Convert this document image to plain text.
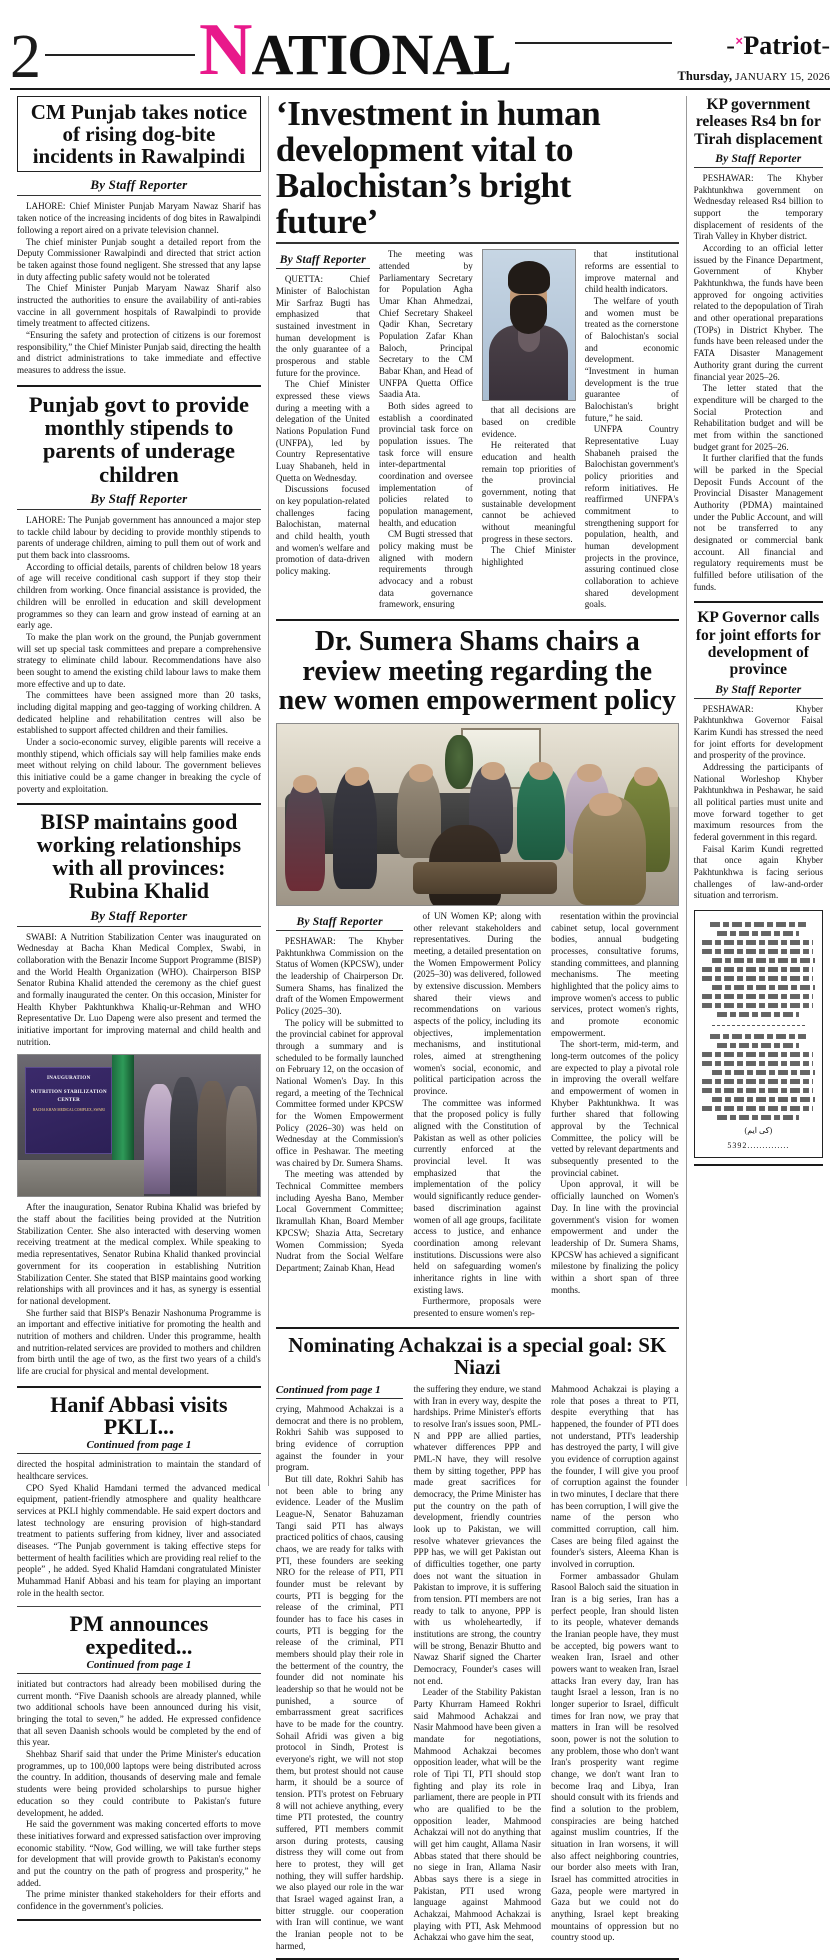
2 NATIONAL	-✕Patriot-
Thursday, JANUARY 15, 2026
CM Punjab takes notice of rising dog-bite incidents in Rawalpindi
By Staff Reporter

LAHORE: Chief Minister Punjab Maryam Nawaz Sharif has taken notice of the increasing incidents of dog bites in Rawalpindi following a report aired on a private television channel.

The chief minister Punjab sought a detailed report from the Deputy Commissioner Rawalpindi and directed that strict action be taken against those found negligent. She stressed that any lapse in duty affecting public safety would not be tolerated

The Chief Minister Punjab Maryam Nawaz Sharif also instructed the authorities to ensure the availability of anti-rabies vaccine in all government hospitals of Rawalpindi to provide timely treatment to affected citizens.

“Ensuring the safety and protection of citizens is our foremost responsibility,” the Chief Minister Punjab said, directing the health and district administrations to take immediate and effective measures to address the issue.

Punjab govt to provide monthly stipends to parents of underage children
By Staff Reporter

LAHORE: The Punjab government has announced a major step to tackle child labour by deciding to provide monthly stipends to parents of underage children, aiming to pull them out of work and put them back into classrooms.

According to official details, parents of children below 18 years of age will receive conditional cash support if they stop their children from working. Once financial assistance is provided, the children will be enrolled in education and skill development programmes so they can learn and grow instead of earning at an early age.

To make the plan work on the ground, the Punjab government will set up special task committees and prepare a comprehensive strategy to eliminate child labour. Recommendations have also been sought to amend the existing child labour laws to make them more effective and up to date.

The committees have been assigned more than 20 tasks, including digital mapping and geo-tagging of working children. A dedicated helpline and rehabilitation centres will also be established to support affected children and their families.

Under a socio-economic survey, eligible parents will receive a monthly stipend, which officials say will help families make ends meet without relying on child labour. The government believes this initiative could be a game changer in breaking the cycle of poverty and exploitation.

BISP maintains good working relationships with all provinces: Rubina Khalid
By Staff Reporter

SWABI: A Nutrition Stabilization Center was inaugurated on Wednesday at Bacha Khan Medical Complex, Swabi, in collaboration with the Benazir Income Support Programme (BISP) and the World Health Organization (WHO). Chairperson BISP Senator Rubina Khalid attended the ceremony as the chief guest and formally inaugurated the center. On this occasion, Minister for Health Khyber Pakhtunkhwa Khaliq-ur-Rehman and WHO Representative Dr. Luo Dapeng were also present and termed the initiative important for improving maternal and child health and nutrition.

INAUGURATION
NUTRITION STABILIZATION CENTER
BACHA KHAN MEDICAL COMPLEX, SWABI

After the inauguration, Senator Rubina Khalid was briefed by the staff about the facilities being provided at the Nutrition Stabilization Center. She also interacted with deserving women receiving treatment at the medical complex. While speaking to media representatives, Senator Rubina Khalid thanked provincial government for its cooperation in establishing Nutrition Stabilization Center. She stated that BISP maintains good working relationships with all provinces and it has, as synergy is essential for national development.

She further said that BISP's Benazir Nashonuma Programme is an important and effective initiative for promoting the health and nutrition of mothers and children. Under this programme, health and nutrition-related services are provided to mothers and children from birth until the age of two, as the first two years of a child's life are crucial for physical and mental development.

Hanif Abbasi visits PKLI...
Continued from page 1

directed the hospital administration to maintain the standard of healthcare services.

CPO Syed Khalid Hamdani termed the advanced medical equipment, patient-friendly atmosphere and quality healthcare services at PKLI highly commendable. He said expert doctors and latest technology are ensuring provision of high-standard treatment to patients suffering from kidney, liver and associated diseases. “The Punjab government is taking effective steps for betterment of health facilities which are providing real relief to the people” , he added. Syed Khalid Hamdani congratulated Minister Muhammad Hanif Abbasi and his team for playing an important role in the health sector.

PM announces expedited...
Continued from page 1

initiated but contractors had already been mobilised during the current month. “Five Daanish schools are already planned, while two additional schools have been announced during his visit, bringing the total to seven,” he added. He expressed confidence that all seven Daanish schools would be completed by the end of this year.

Shehbaz Sharif said that under the Prime Minister's education programmes, up to 100,000 laptops were being distributed across the country. In addition, thousands of deserving male and female students were being provided scholarships to pursue higher education so they could contribute to Pakistan's future development, he added.

He said the government was making concerted efforts to move these initiatives forward and expressed satisfaction over improving economic stability. “Now, God willing, we will take further steps for development that will provide growth to Pakistan's economy and put the country on the path of progress and prosperity,” he added.

The prime minister thanked stakeholders for their efforts and confidence in the government's policies.

‘Investment in human development vital to Balochistan’s bright future’
By Staff Reporter

QUETTA: Chief Minister of Balochistan Mir Sarfraz Bugti has emphasized that sustained investment in human development is the only guarantee of a prosperous and stable future for the province.

The Chief Minister expressed these views during a meeting with a delegation of the United Nations Population Fund (UNFPA), led by Country Representative Luay Shabaneh, held in Quetta on Wednesday.

Discussions focused on key population-related challenges facing Balochistan, maternal and child health, youth and women's welfare and promotion of data-driven policy making.

The meeting was attended by Parliamentary Secretary for Population Agha Umar Khan Ahmedzai, Chief Secretary Shakeel Qadir Khan, Secretary Population Zafar Khan Baloch, Principal Secretary to the CM Babar Khan, and Head of UNFPA Quetta Office Saadia Ata.

Both sides agreed to establish a coordinated provincial task force on population issues. The task force will ensure inter-departmental coordination and oversee implementation of policies related to population management, health, and education

CM Bugti stressed that policy making must be aligned with modern requirements through advocacy and a robust data governance framework, ensuring

that all decisions are based on credible evidence.

He reiterated that education and health remain top priorities of the provincial government, noting that sustainable development cannot be achieved without meaningful progress in these sectors.

The Chief Minister highlighted

that institutional reforms are essential to improve maternal and child health indicators.

The welfare of youth and women must be treated as the cornerstone of Balochistan's social and economic development. “Investment in human development is the true guarantee of Balochistan's bright future,” he said.

UNFPA Country Representative Luay Shabaneh praised the Balochistan government's policy priorities and reform initiatives. He reaffirmed UNFPA's commitment to strengthening support for population, health, and human development projects in the province, assuring continued close collaboration to achieve shared development goals.

Dr. Sumera Shams chairs a review meeting regarding the new women empowerment policy
By Staff Reporter

PESHAWAR: The Khyber Pakhtunkhwa Commission on the Status of Women (KPCSW), under the leadership of Chairperson Dr. Sumera Shams, has finalized the draft of the Women Empowerment Policy (2025–30).

The policy will be submitted to the provincial cabinet for approval through a summary and is scheduled to be formally launched on February 12, on the occasion of National Women's Day. In this regard, a meeting of the Technical Committee formed under KPCSW for the Women Empowerment Policy (2026–30) was held on Wednesday at the Commission's office in Peshawar. The meeting was chaired by Dr. Sumera Shams.

The meeting was attended by Technical Committee members including Ayesha Bano, Member Local Government Committee; Ikramullah Khan, Board Member KPCSW; Shazia Atta, Secretary Women Commission; Syeda Nudrat from the Social Welfare Department; Zainab Khan, Head

of UN Women KP; along with other relevant stakeholders and representatives. During the meeting, a detailed presentation on the Women Empowerment Policy (2025–30) was delivered, followed by extensive discussion. Members shared their views and recommendations on various aspects of the policy, including its objectives, implementation mechanisms, and institutional roles, aimed at strengthening women's social, economic, and political participation across the province.

The committee was informed that the proposed policy is fully aligned with the Constitution of Pakistan as well as other policies currently enforced at the provincial level. It was emphasized that the implementation of the policy would significantly reduce gender-based discrimination against women of all age groups, facilitate access to justice, and enhance coordination among relevant institutions. Discussions were also held on safeguarding women's inheritance rights in line with existing laws.

Furthermore, proposals were presented to ensure women's rep-

resentation within the provincial cabinet setup, local government bodies, annual budgeting processes, consultative forums, standing committees, and planning mechanisms. The meeting highlighted that the policy aims to improve women's access to public services, protect women's rights, and promote economic empowerment.

The short-term, mid-term, and long-term outcomes of the policy are expected to play a pivotal role in improving the overall welfare and empowerment of women in Khyber Pakhtunkhwa. It was further shared that following approval by the Technical Committee, the policy will be vetted by relevant departments and subsequently presented to the provincial cabinet.

Upon approval, it will be officially launched on Women's Day. In line with the provincial government's vision for women empowerment and under the leadership of Dr. Sumera Shams, KPCSW has achieved a significant milestone by finalizing the policy within a short span of three months.

Nominating Achakzai is a special goal: SK Niazi
Continued from page 1

crying, Mahmood Achakzai is a democrat and there is no problem, Rokhri Sahib was supposed to bring evidence of corruption against the founder in your program.

But till date, Rokhri Sahib has not been able to bring any evidence. Leader of the Muslim League-N, Senator Bahuzaman Tangi said PTI has always practiced politics of chaos, causing chaos, we are ready for talks with PTI, these founders are seeking NRO for the release of PTI, PTI founder must be relevant by courts, PTI is begging for the release of the criminal, PTI founder has to face his cases in courts, PTI is begging for the release of the criminal, PTI members should play their role in the betterment of the country, the founder did not nominate his leadership so that he would not be punished, a source of embarrassment great sacrifices have to be made for the country. Sohail Afridi was given a big protocol in Sindh, Protest is everyone's right, we will not stop them, but protest should not cause harm, it should be a source of tension. PTI's protest on February 8 will not achieve anything, every time PTI protested, the country suffered, PTI members commit arson during protests, causing distress they will come out from here to protest, they will get nothing, they will suffer hardship. we also played our role in the war that Israel waged against Iran, a bitter struggle. our cooperation with Iran will continue, we want the Iranian people not to be harmed,

the suffering they endure, we stand with Iran in every way, despite the hardships. Prime Minister's efforts to resolve Iran's issues soon, PML-N and PPP are allied parties, whatever differences PPP and PML-N have, they will resolve them by sitting together, PPP has made great sacrifices for democracy, the Prime Minister has put the country on the path of development, friendly countries look up to Pakistan, we will resolve whatever grievances the PPP has, we will get Pakistan out of difficulties together, one party does not want the situation in Pakistan to improve, it is suffering from tension. PTI members are not ready to talk to anyone, PPP is with us wholeheartedly, if institutions are strong, the country will be strong, Benazir Bhutto and Nawaz Sharif signed the Charter Democracy, Founder's cases will not end.

Leader of the Stability Pakistan Party Khurram Hameed Rokhri said Mahmood Achakzai and Nasir Mahmood have been given a mandate for negotiations, Mahmood Achakzai becomes opposition leader, what will be the role of Tipi TI, PTI should stop fighting and play its role in parliament, there are people in PTI who are qualified to be the opposition leader, Mahmood Achakzai will not do anything that will get him caught, Allama Nasir Abbas stated that there should be no siege in Iran, Allama Nasir Abbas says there is a siege in Pakistan, PTI used wrong language against Mahmood Achakzai, Mahmood Achakzai is playing with PTI, Ask Mehmood Achakzai who gave him the seat,

Mahmood Achakzai is playing a role that poses a threat to PTI, despite everything that has happened, the founder of PTI does not understand, PTI's leadership has destroyed the party, I will give you evidence of corruption against the founder, I will give you proof of corruption against the founder in two minutes, I declare that there has been corruption, I will give the name of the person who committed corruption, call him. Cases are being filed against the founder's sisters, Aleema Khan is involved in corruption.

Former ambassador Ghulam Rasool Baloch said the situation in Iran is a big series, Iran has a perfect people, Iran should listen to its people, whatever demands the Iranian people have, they must be accepted, big powers want to weaken Iran, Israel and other powers want to weaken Iran, Israel attacks Iran every day, Iran has taught Israel a lesson, Iran is no longer superior to Israel, difficult times for Iran now, we pray that matters in Iran will be resolved soon, power is not the solution to any problem, those who don't want Iran's prosperity want regime change, we don't want Iran to become Iraq and Libya, Iran should consult with its friends and find a solution to the problem, conspiracies are being hatched against muslim countries, If the situation in Iran worsens, it will also affect neighboring countries, our border also meets with Iran, Israel has committed atrocities in Gaza, people were martyred in Gaza but we could not do anything, Israel kept breaking mountains of oppression but no country stood up.

KP government releases Rs4 bn for Tirah displacement
By Staff Reporter

PESHAWAR: The Khyber Pakhtunkhwa government on Wednesday released Rs4 billion to support the temporary displacement of residents of the Tirah Valley in Khyber district.

According to an official letter issued by the Finance Department, Government of Khyber Pakhtunkhwa, the funds have been approved for ongoing activities related to the depopulation of Tirah and other operational preparations (TOPs) in District Khyber. The funds have been released under the FATA Disaster Management Authority grant during the current financial year 2025–26.

The letter stated that the expenditure will be charged to the Social Protection and Rehabilitation budget and will be met from within the sanctioned budget grant for 2025–26.

It further clarified that the funds will be parked in the Special Deposit Funds Account of the Provincial Disaster Management Authority (PDMA) maintained under the Public Account, and will not be transferred to any designated or commercial bank account. All financial and regulatory requirements must be fulfilled before utilisation of the funds.

KP Governor calls for joint efforts for development of province
By Staff Reporter

PESHAWAR: Khyber Pakhtunkhwa Governor Faisal Karim Kundi has stressed the need for joint efforts for development and prosperity of the province.

Addressing the participants of National Worleshop Khyber Pakhtunkhwa in Peshawar, he said all political parties must unite and move forward together to get maximum resources from the federal government in this regard.

Faisal Karim Kundi regretted that once again Khyber Pakhtunkhwa is facing serious challenges of law-and-order situation and terrorism.

(کی ایم)
5392..............
